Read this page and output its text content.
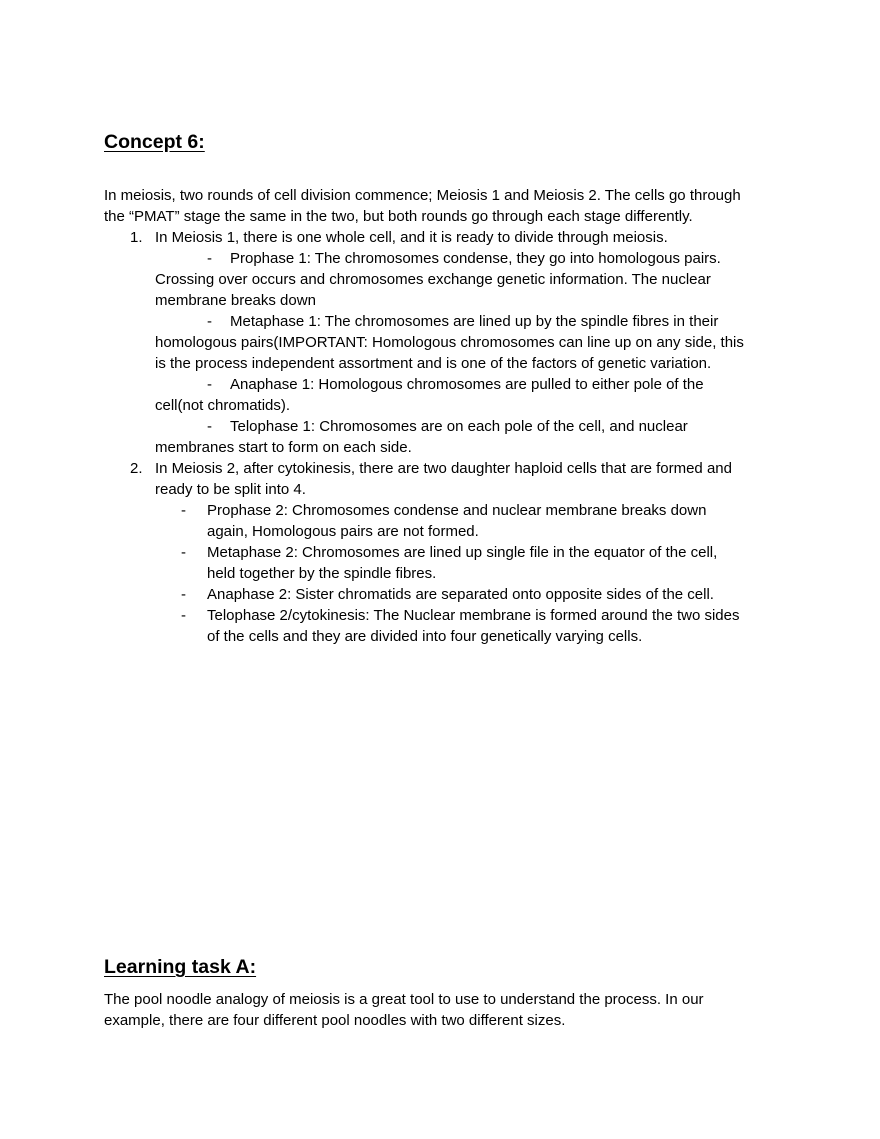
Concept 6:
In meiosis, two rounds of cell division commence; Meiosis 1 and Meiosis 2. The cells go through
the “PMAT” stage the same in the two, but both rounds go through each stage differently.
1. In Meiosis 1, there is one whole cell, and it is ready to divide through meiosis.
- Prophase 1: The chromosomes condense, they go into homologous pairs.
Crossing over occurs and chromosomes exchange genetic information. The nuclear
membrane breaks down
- Metaphase 1: The chromosomes are lined up by the spindle fibres in their
homologous pairs(IMPORTANT: Homologous chromosomes can line up on any side, this
is the process independent assortment and is one of the factors of genetic variation.
- Anaphase 1: Homologous chromosomes are pulled to either pole of the
cell(not chromatids).
- Telophase 1: Chromosomes are on each pole of the cell, and nuclear
membranes start to form on each side.
2. In Meiosis 2, after cytokinesis, there are two daughter haploid cells that are formed and
ready to be split into 4.
- Prophase 2: Chromosomes condense and nuclear membrane breaks down
again, Homologous pairs are not formed.
- Metaphase 2: Chromosomes are lined up single file in the equator of the cell,
held together by the spindle fibres.
- Anaphase 2: Sister chromatids are separated onto opposite sides of the cell.
- Telophase 2/cytokinesis: The Nuclear membrane is formed around the two sides
of the cells and they are divided into four genetically varying cells.
Learning task A:
The pool noodle analogy of meiosis is a great tool to use to understand the process. In our
example, there are four different pool noodles with two different sizes.
